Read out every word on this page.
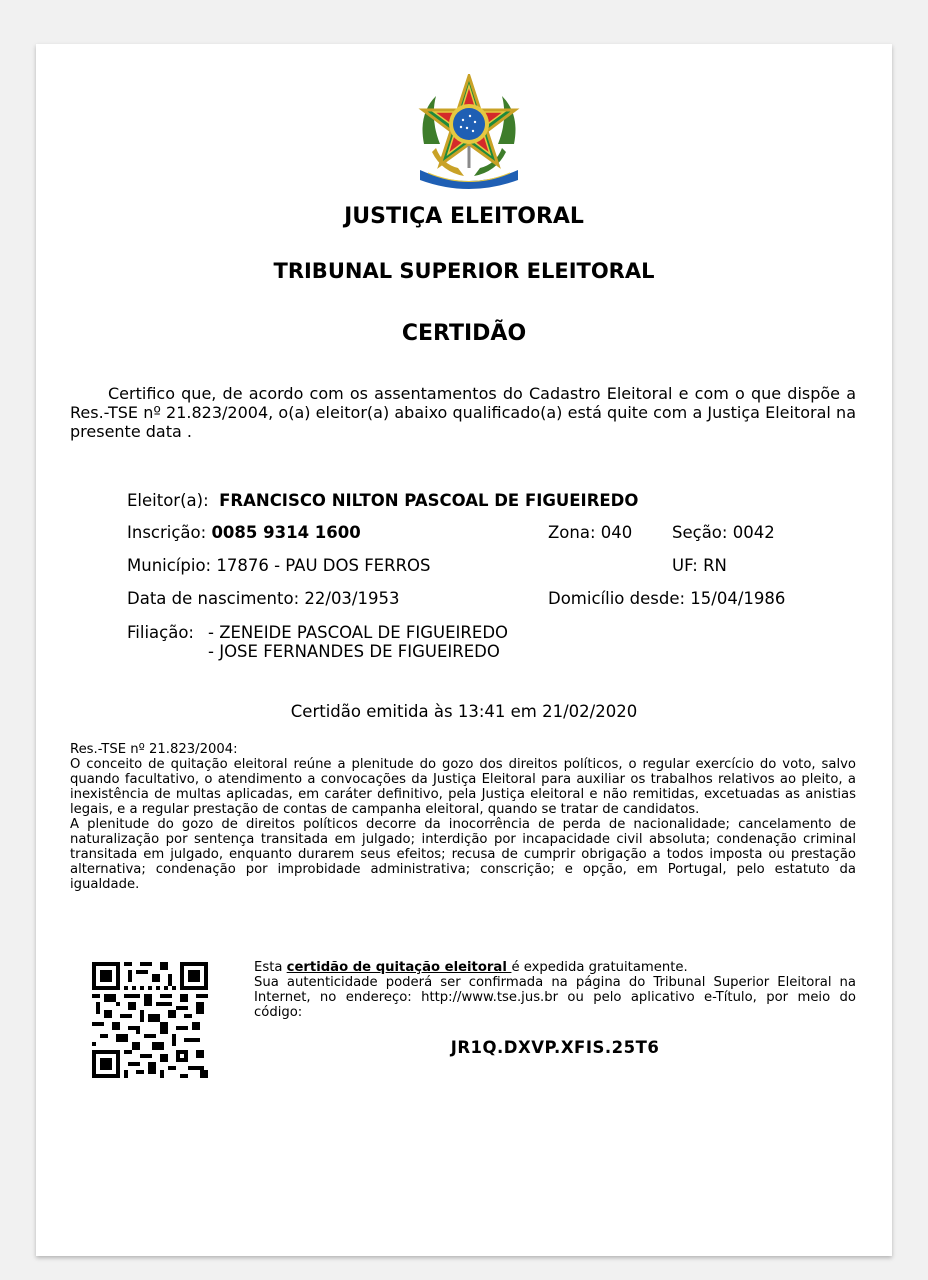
JUSTIÇA ELEITORAL
TRIBUNAL SUPERIOR ELEITORAL
CERTIDÃO

Certifico que, de acordo com os assentamentos do Cadastro Eleitoral e com o que dispõe a Res.-TSE nº 21.823/2004, o(a) eleitor(a) abaixo qualificado(a) está quite com a Justiça Eleitoral na presente data .

Eleitor(a): FRANCISCO NILTON PASCOAL DE FIGUEIREDO
Inscrição: 0085 9314 1600	Zona: 040 Seção: 0042
Município: 17876 - PAU DOS FERROS	UF: RN
Data de nascimento: 22/03/1953	Domicílio desde: 15/04/1986
Filiação: - ZENEIDE PASCOAL DE FIGUEIREDO
- JOSE FERNANDES DE FIGUEIREDO
Certidão emitida às 13:41 em 21/02/2020

Res.-TSE nº 21.823/2004:

O conceito de quitação eleitoral reúne a plenitude do gozo dos direitos políticos, o regular exercício do voto, salvo quando facultativo, o atendimento a convocações da Justiça Eleitoral para auxiliar os trabalhos relativos ao pleito, a inexistência de multas aplicadas, em caráter definitivo, pela Justiça eleitoral e não remitidas, excetuadas as anistias legais, e a regular prestação de contas de campanha eleitoral, quando se tratar de candidatos.

A plenitude do gozo de direitos políticos decorre da inocorrência de perda de nacionalidade; cancelamento de naturalização por sentença transitada em julgado; interdição por incapacidade civil absoluta; condenação criminal transitada em julgado, enquanto durarem seus efeitos; recusa de cumprir obrigação a todos imposta ou prestação alternativa; condenação por improbidade administrativa; conscrição; e opção, em Portugal, pelo estatuto da igualdade.

Esta certidão de quitação eleitoral é expedida gratuitamente.
Sua autenticidade poderá ser confirmada na página do Tribunal Superior Eleitoral na Internet, no endereço: http://www.tse.jus.br ou pelo aplicativo e-Título, por meio do código:

JR1Q.DXVP.XFIS.25T6
